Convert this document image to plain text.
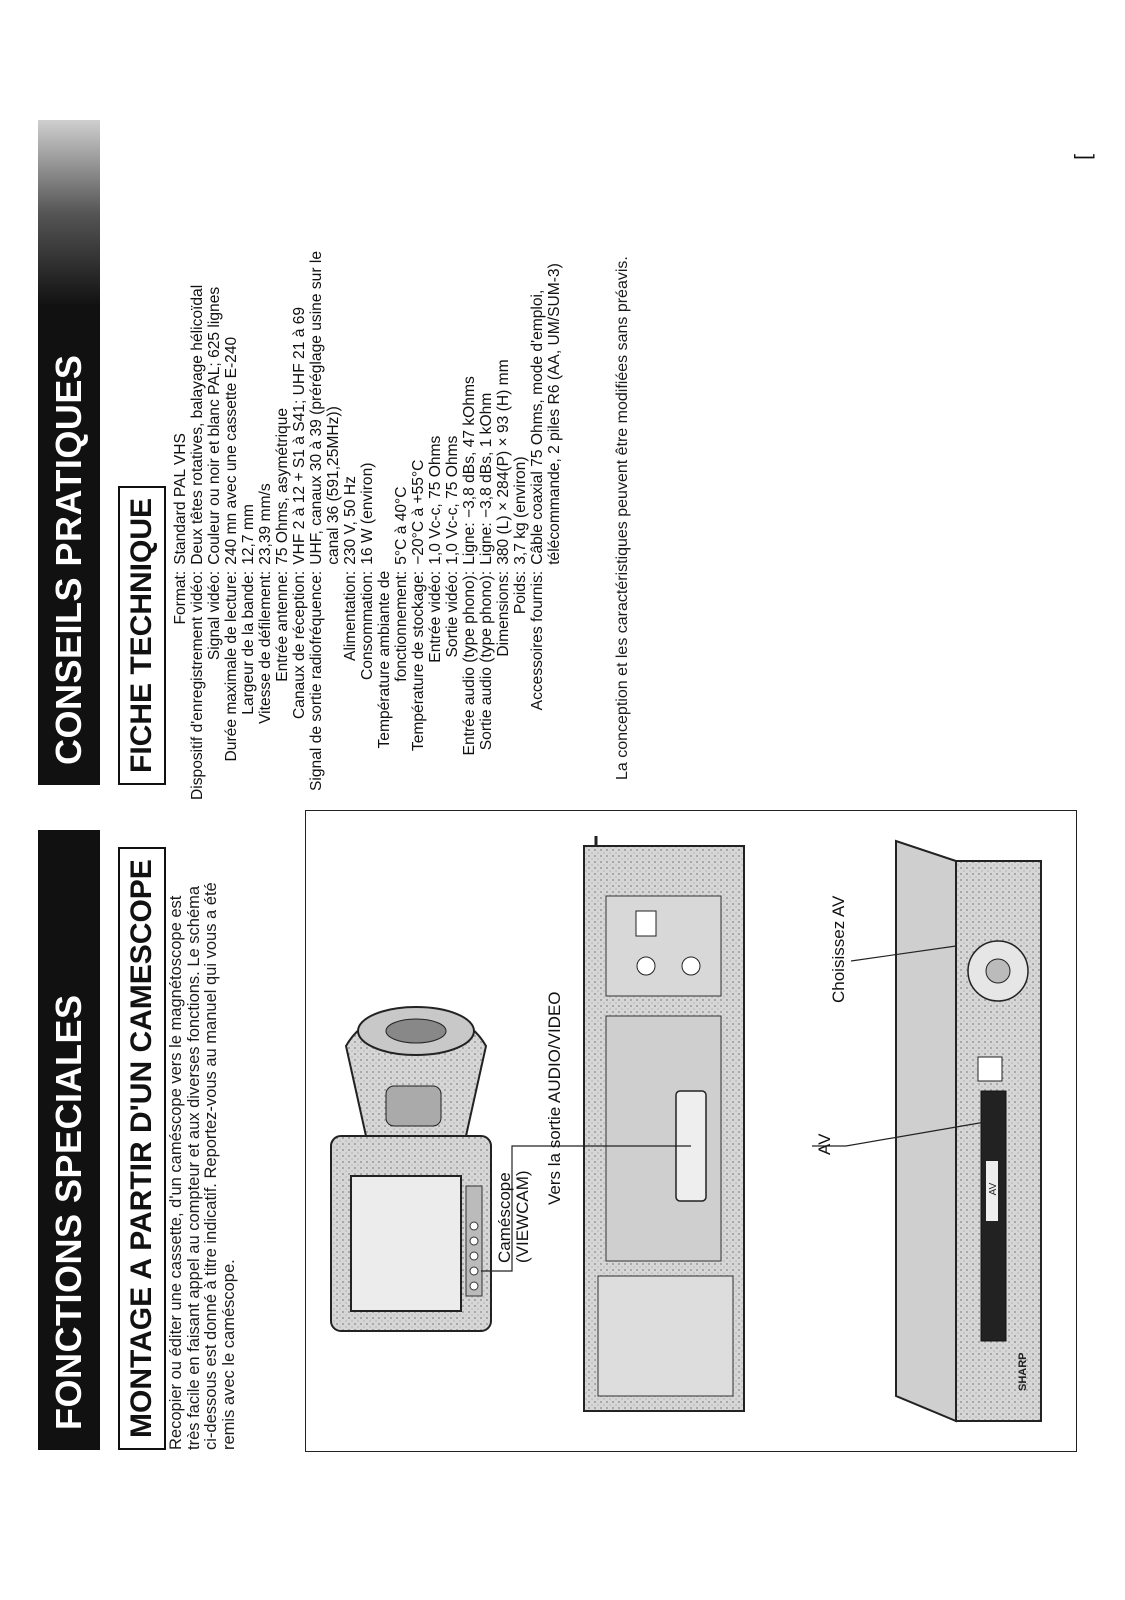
FONCTIONS SPECIALES	MONTAGE A PARTIR D'UN CAMESCOPE Recopier ou éditer une cassette, d'un caméscope vers le magnétoscope est très facile en faisant appel au compteur et aux diverses fonctions. Le schéma ci-dessous est donné à titre indicatif. Reportez-vous au manuel qui vous a été remis avec le caméscope.
AV
SHARP
Caméscope (VIEWCAM)
Vers la sortie AUDIO/VIDEO	AV
Choisissez AV
CONSEILS PRATIQUES	FICHE TECHNIQUE Format:	Standard PAL VHS
Dispositif d'enregistrement vidéo:	Deux têtes rotatives, balayage hélicoïdal
Signal vidéo:	Couleur ou noir et blanc PAL; 625 lignes
Durée maximale de lecture:	240 mn avec une cassette E-240
Largeur de la bande:	12,7 mm
Vitesse de défilement:	23,39 mm/s
Entrée antenne:	75 Ohms, asymétrique
Canaux de réception:	VHF 2 à 12 + S1 à S41; UHF 21 à 69
Signal de sortie radiofréquence:	UHF, canaux 30 à 39 (préréglage usine sur le
	canal 36 (591,25MHz))
Alimentation:	230 V, 50 Hz
Consommation:	16 W (environ)
Température ambiante de	
fonctionnement:	5°C à 40°C
Température de stockage:	−20°C à +55°C
Entrée vidéo:	1,0 Vc-c, 75 Ohms
Sortie vidéo:	1,0 Vc-c, 75 Ohms
Entrée audio (type phono):	Ligne: −3,8 dBs, 47 kOhms
Sortie audio (type phono):	Ligne: −3,8 dBs, 1 kOhm
Dimensions:	380 (L) × 284(P) × 93 (H) mm
Poids:	3,7 kg (environ)
Accessoires fournis:	Câble coaxial 75 Ohms, mode d'emploi,
	télécommande, 2 piles R6 (AA, UM/SUM-3)	La conception et les caractéristiques peuvent être modifiées sans préavis.
[
